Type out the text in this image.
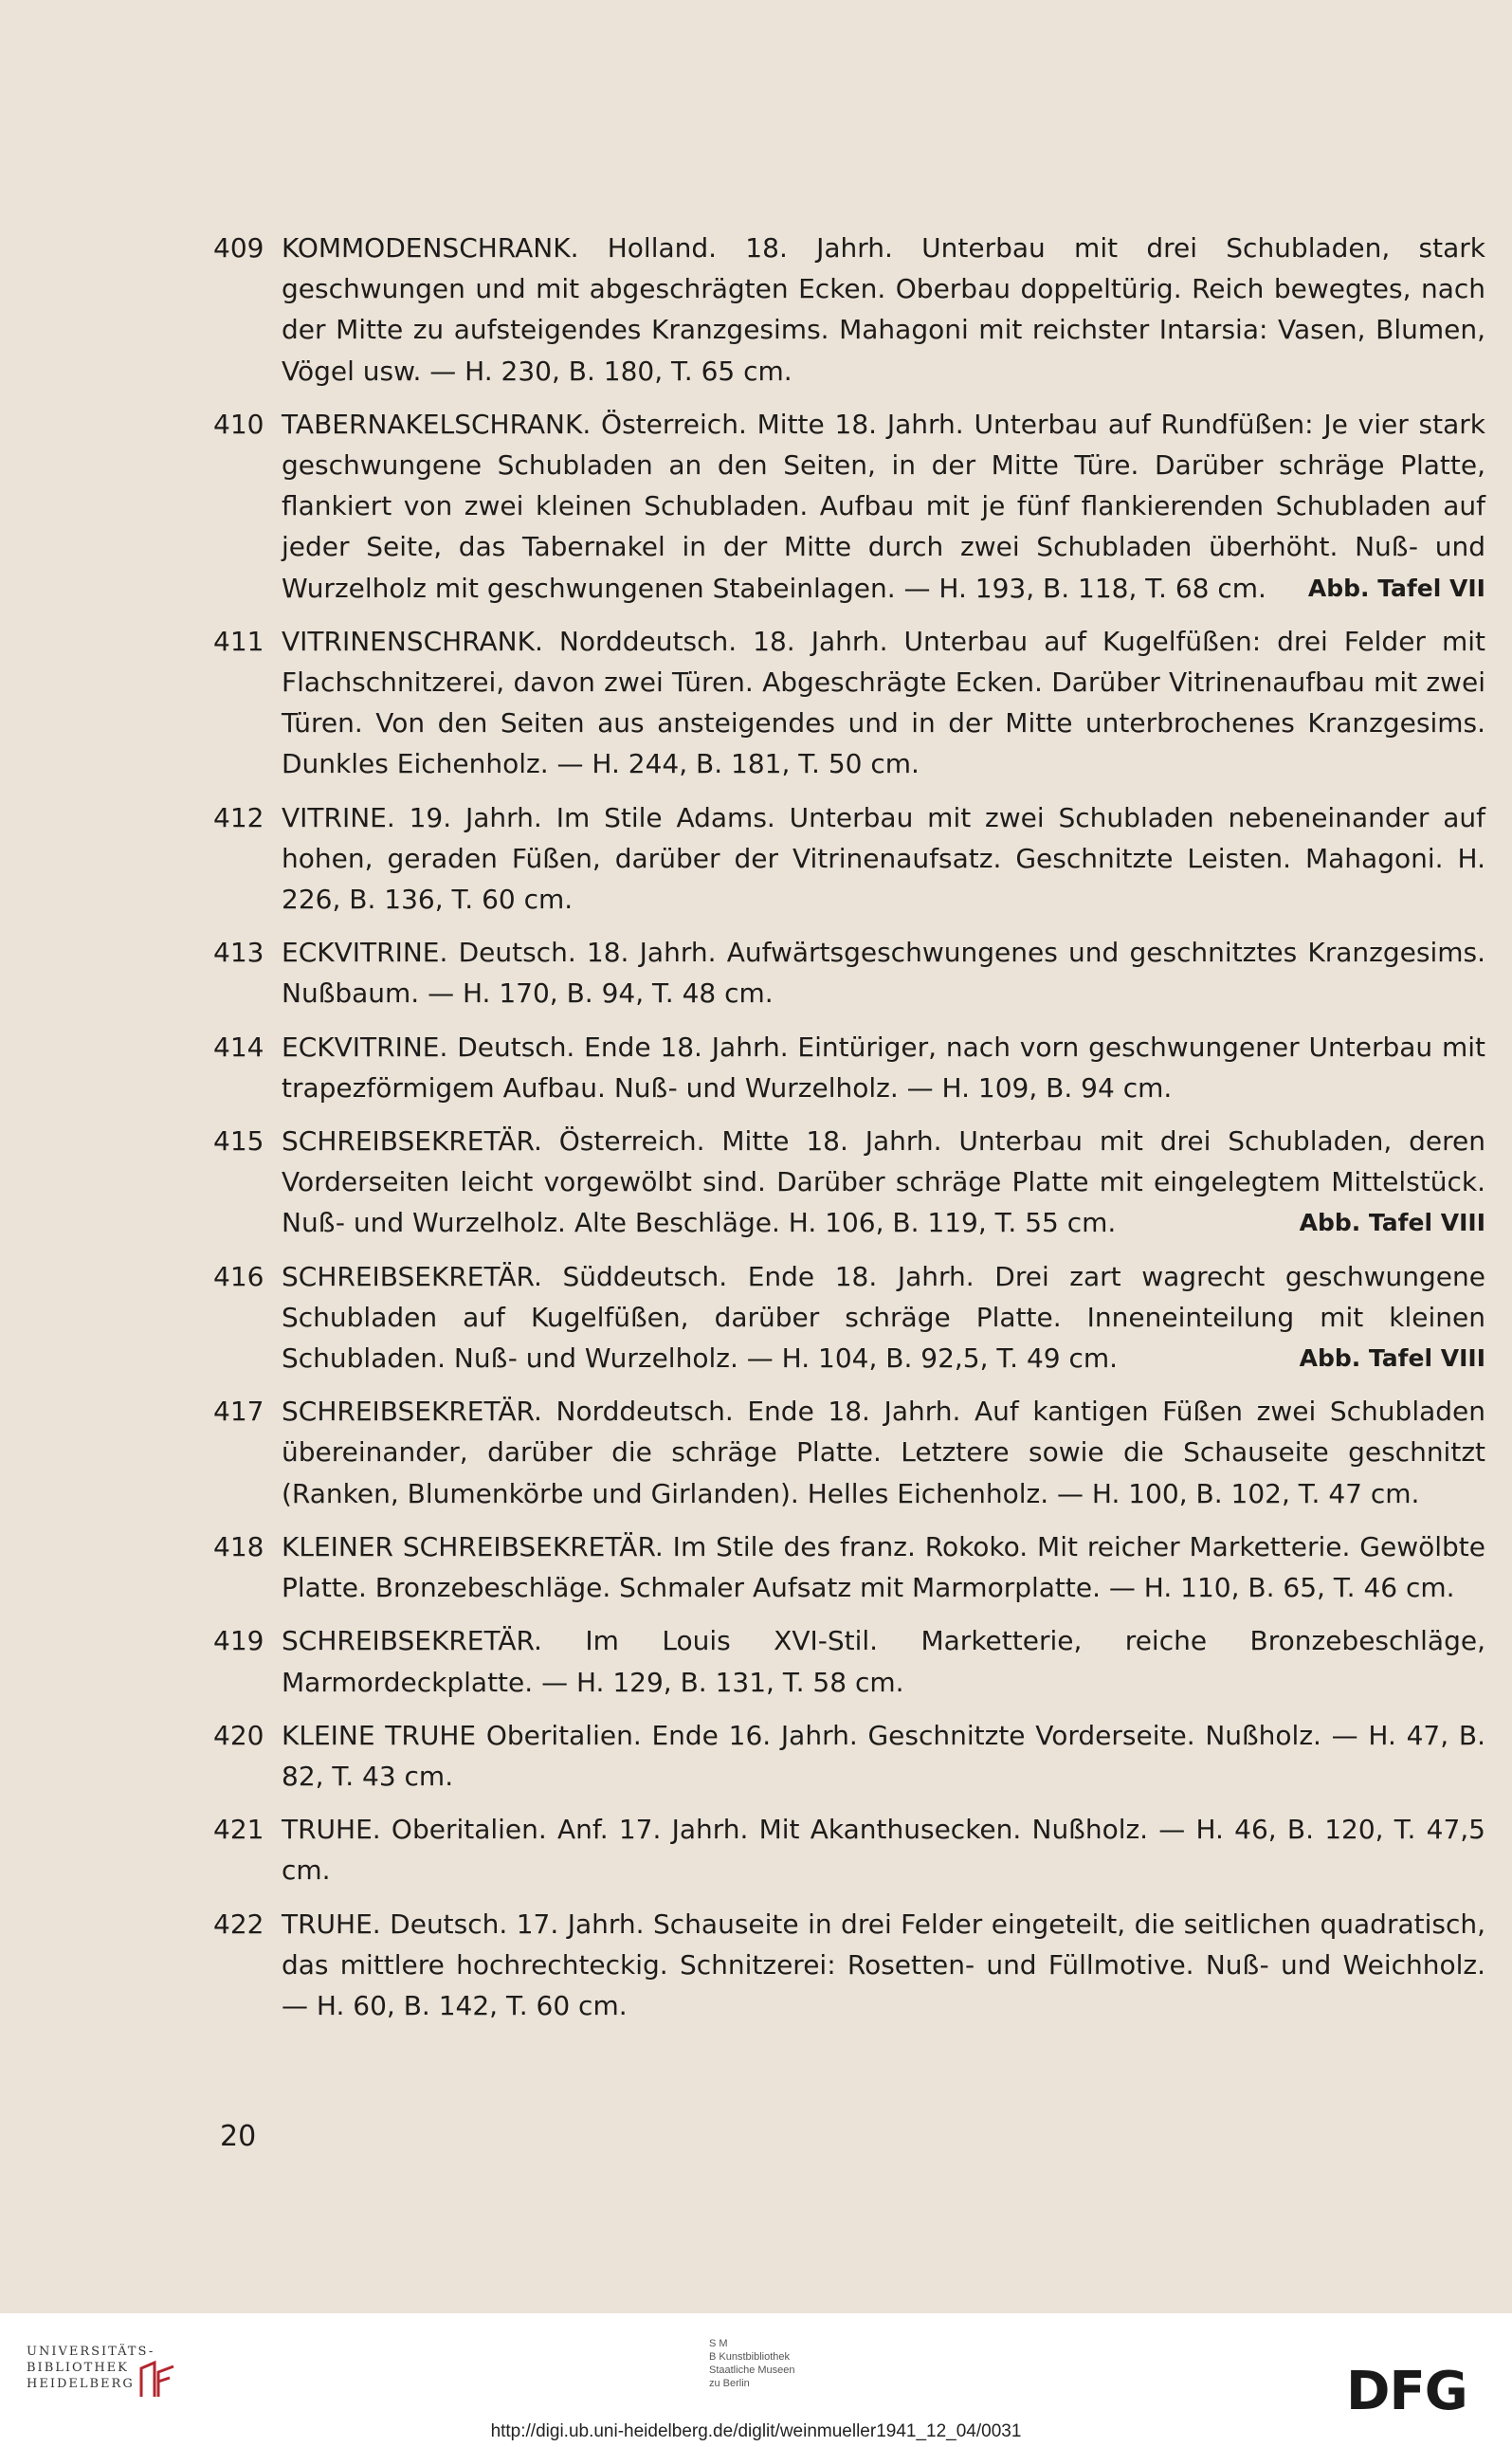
409 KOMMODENSCHRANK. Holland. 18. Jahrh. Unterbau mit drei Schubladen, stark geschwungen und mit abgeschrägten Ecken. Oberbau doppeltürig. Reich bewegtes, nach der Mitte zu aufsteigendes Kranzgesims. Mahagoni mit reichster Intarsia: Vasen, Blumen, Vögel usw. — H. 230, B. 180, T. 65 cm.
410 TABERNAKELSCHRANK. Österreich. Mitte 18. Jahrh. Unterbau auf Rundfüßen: Je vier stark geschwungene Schubladen an den Seiten, in der Mitte Türe. Darüber schräge Platte, flankiert von zwei kleinen Schubladen. Aufbau mit je fünf flankierenden Schubladen auf jeder Seite, das Tabernakel in der Mitte durch zwei Schubladen überhöht. Nuß- und Wurzelholz mit geschwungenen Stabeinlagen. — H. 193, B. 118, T. 68 cm. Abb. Tafel VII
411 VITRINENSCHRANK. Norddeutsch. 18. Jahrh. Unterbau auf Kugelfüßen: drei Felder mit Flachschnitzerei, davon zwei Türen. Abgeschrägte Ecken. Darüber Vitrinenaufbau mit zwei Türen. Von den Seiten aus ansteigendes und in der Mitte unterbrochenes Kranzgesims. Dunkles Eichenholz. — H. 244, B. 181, T. 50 cm.
412 VITRINE. 19. Jahrh. Im Stile Adams. Unterbau mit zwei Schubladen nebeneinander auf hohen, geraden Füßen, darüber der Vitrinenaufsatz. Geschnitzte Leisten. Mahagoni. H. 226, B. 136, T. 60 cm.
413 ECKVITRINE. Deutsch. 18. Jahrh. Aufwärtsgeschwungenes und geschnitztes Kranzgesims. Nußbaum. — H. 170, B. 94, T. 48 cm.
414 ECKVITRINE. Deutsch. Ende 18. Jahrh. Eintüriger, nach vorn geschwungener Unterbau mit trapezförmigem Aufbau. Nuß- und Wurzelholz. — H. 109, B. 94 cm.
415 SCHREIBSEKRETÄR. Österreich. Mitte 18. Jahrh. Unterbau mit drei Schubladen, deren Vorderseiten leicht vorgewölbt sind. Darüber schräge Platte mit eingelegtem Mittelstück. Nuß- und Wurzelholz. Alte Beschläge. H. 106, B. 119, T. 55 cm.	Abb. Tafel VIII
416 SCHREIBSEKRETÄR. Süddeutsch. Ende 18. Jahrh. Drei zart wagrecht geschwungene Schubladen auf Kugelfüßen, darüber schräge Platte. Inneneinteilung mit kleinen Schubladen. Nuß- und Wurzelholz. — H. 104, B. 92,5, T. 49 cm.	Abb. Tafel VIII
417 SCHREIBSEKRETÄR. Norddeutsch. Ende 18. Jahrh. Auf kantigen Füßen zwei Schubladen übereinander, darüber die schräge Platte. Letztere sowie die Schauseite geschnitzt (Ranken, Blumenkörbe und Girlanden). Helles Eichenholz. — H. 100, B. 102, T. 47 cm.
418 KLEINER SCHREIBSEKRETÄR. Im Stile des franz. Rokoko. Mit reicher Marketterie. Gewölbte Platte. Bronzebeschläge. Schmaler Aufsatz mit Marmorplatte. — H. 110, B. 65, T. 46 cm.
419 SCHREIBSEKRETÄR. Im Louis XVI-Stil. Marketterie, reiche Bronzebeschläge, Marmordeckplatte. — H. 129, B. 131, T. 58 cm.
420 KLEINE TRUHE Oberitalien. Ende 16. Jahrh. Geschnitzte Vorderseite. Nußholz. — H. 47, B. 82, T. 43 cm.
421 TRUHE. Oberitalien. Anf. 17. Jahrh. Mit Akanthusecken. Nußholz. — H. 46, B. 120, T. 47,5 cm.
422 TRUHE. Deutsch. 17. Jahrh. Schauseite in drei Felder eingeteilt, die seitlichen quadratisch, das mittlere hochrechteckig. Schnitzerei: Rosetten- und Füllmotive. Nuß- und Weichholz. — H. 60, B. 142, T. 60 cm.
20
UNIVERSITÄTS-
BIBLIOTHEK
HEIDELBERG
S M
B Kunstbibliothek
Staatliche Museen
zu Berlin	DFG
http://digi.ub.uni-heidelberg.de/diglit/weinmueller1941_12_04/0031
